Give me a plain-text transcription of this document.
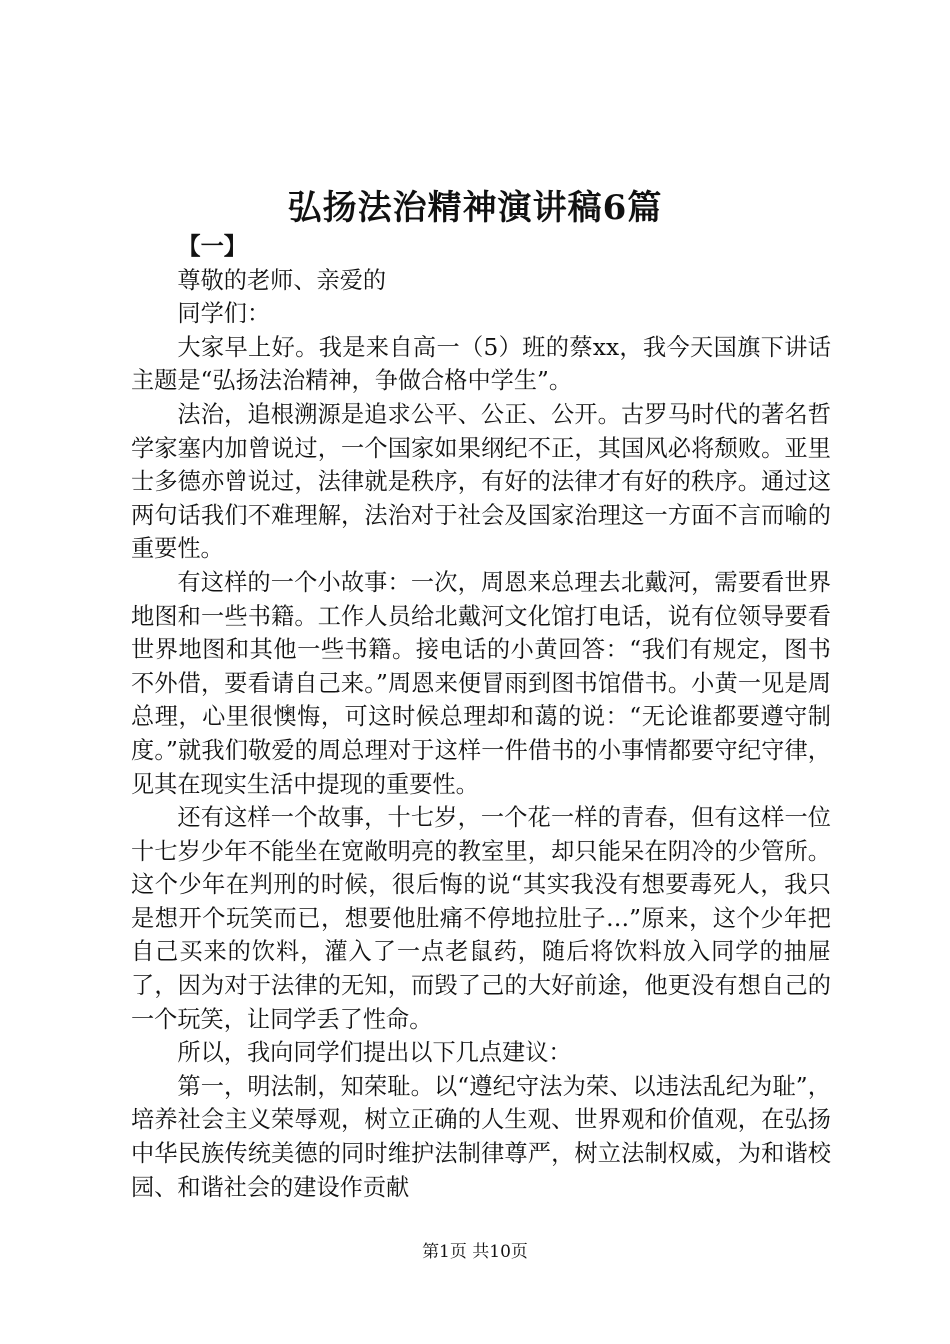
弘扬法治精神演讲稿6篇

【一】

尊敬的老师、亲爱的

同学们：

大家早上好。我是来自高一（5）班的蔡xx，我今天国旗下讲话主题是“弘扬法治精神，争做合格中学生”。

法治，追根溯源是追求公平、公正、公开。古罗马时代的著名哲学家塞内加曾说过，一个国家如果纲纪不正，其国风必将颓败。亚里士多德亦曾说过，法律就是秩序，有好的法律才有好的秩序。通过这两句话我们不难理解，法治对于社会及国家治理这一方面不言而喻的重要性。

有这样的一个小故事：一次，周恩来总理去北戴河，需要看世界地图和一些书籍。工作人员给北戴河文化馆打电话，说有位领导要看世界地图和其他一些书籍。接电话的小黄回答：“我们有规定，图书不外借，要看请自己来。”周恩来便冒雨到图书馆借书。小黄一见是周总理，心里很懊悔，可这时候总理却和蔼的说：“无论谁都要遵守制度。”就我们敬爱的周总理对于这样一件借书的小事情都要守纪守律，见其在现实生活中提现的重要性。

还有这样一个故事，十七岁，一个花一样的青春，但有这样一位十七岁少年不能坐在宽敞明亮的教室里，却只能呆在阴冷的少管所。这个少年在判刑的时候，很后悔的说“其实我没有想要毒死人，我只是想开个玩笑而已，想要他肚痛不停地拉肚子…”原来，这个少年把自己买来的饮料，灌入了一点老鼠药，随后将饮料放入同学的抽屉了，因为对于法律的无知，而毁了己的大好前途，他更没有想自己的一个玩笑，让同学丢了性命。

所以，我向同学们提出以下几点建议：

第一，明法制，知荣耻。以“遵纪守法为荣、以违法乱纪为耻”，培养社会主义荣辱观，树立正确的人生观、世界观和价值观，在弘扬中华民族传统美德的同时维护法制律尊严，树立法制权威，为和谐校园、和谐社会的建设作贡献

第1页 共10页
